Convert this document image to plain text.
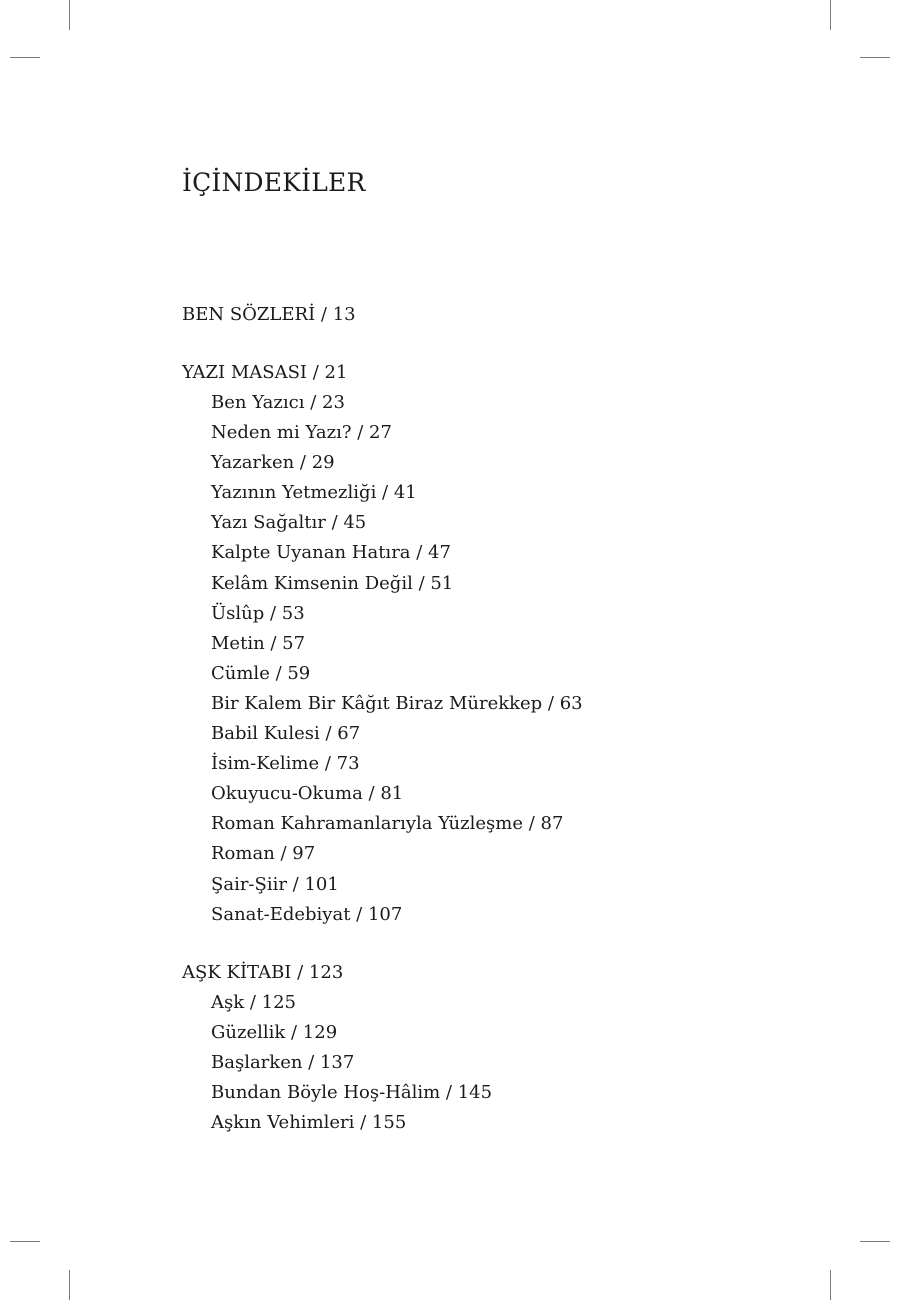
İÇİNDEKİLER
BEN SÖZLERİ / 13
YAZI MASASI / 21
Ben Yazıcı / 23
Neden mi Yazı? / 27
Yazarken / 29
Yazının Yetmezliği / 41
Yazı Sağaltır / 45
Kalpte Uyanan Hatıra / 47
Kelâm Kimsenin Değil / 51
Üslûp / 53
Metin / 57
Cümle / 59
Bir Kalem Bir Kâğıt Biraz Mürekkep / 63
Babil Kulesi / 67
İsim-Kelime / 73
Okuyucu-Okuma / 81
Roman Kahramanlarıyla Yüzleşme / 87
Roman / 97
Şair-Şiir / 101
Sanat-Edebiyat / 107
AŞK KİTABI / 123
Aşk / 125
Güzellik / 129
Başlarken / 137
Bundan Böyle Hoş-Hâlim / 145
Aşkın Vehimleri / 155
